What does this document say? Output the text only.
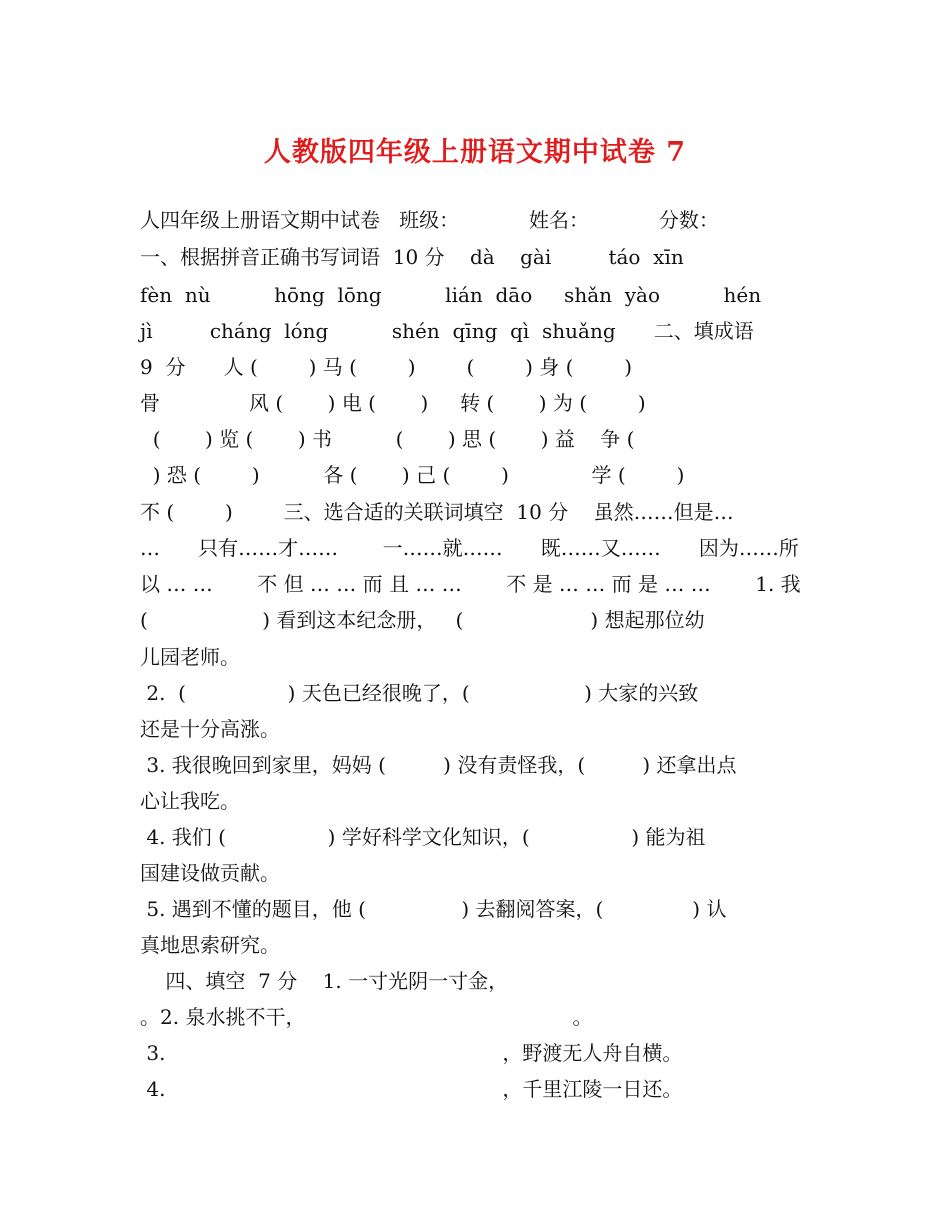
人教版四年级上册语文期中试卷 7
人四年级上册语文期中试卷   班级：           姓名：           分数：
一、根据拼音正确书写词语  10 分    dà    gài         táo  xīn
fèn  nù          hōng  lōng          lián  dāo     shǎn  yào          hén
jì         cháng  lóng          shén  qīng  qì  shuǎng      二、填成语
9  分      人 (        ) 马 (        )        (        ) 身 (        )
骨              风 (       ) 电 (       )     转 (       ) 为 (        )
(       ) 览 (       ) 书          (       ) 思 (       ) 益    争 (
) 恐 (        )          各 (       ) 己 (        )             学 (        )
不 (        )        三、选合适的关联词填空  10 分    虽然……但是…
…      只有……才……       一……就……      既……又……      因为……所
以 … …       不 但 … … 而 且 … …       不 是 … … 而 是 … …       1. 我
(                  ) 看到这本纪念册，   (                    ) 想起那位幼
儿园老师。
2.  (                ) 天色已经很晚了，(                  ) 大家的兴致
还是十分高涨。
3. 我很晚回到家里，妈妈 (         ) 没有责怪我，(         ) 还拿出点
心让我吃。
4. 我们 (                ) 学好科学文化知识，(                ) 能为祖
国建设做贡献。
5. 遇到不懂的题目，他 (               ) 去翻阅答案，(              ) 认
真地思索研究。
四、填空  7 分    1. 一寸光阴一寸金，
。2. 泉水挑不干，                                          。
3.                                                     ，野渡无人舟自横。
4.                                                     ，千里江陵一日还。
